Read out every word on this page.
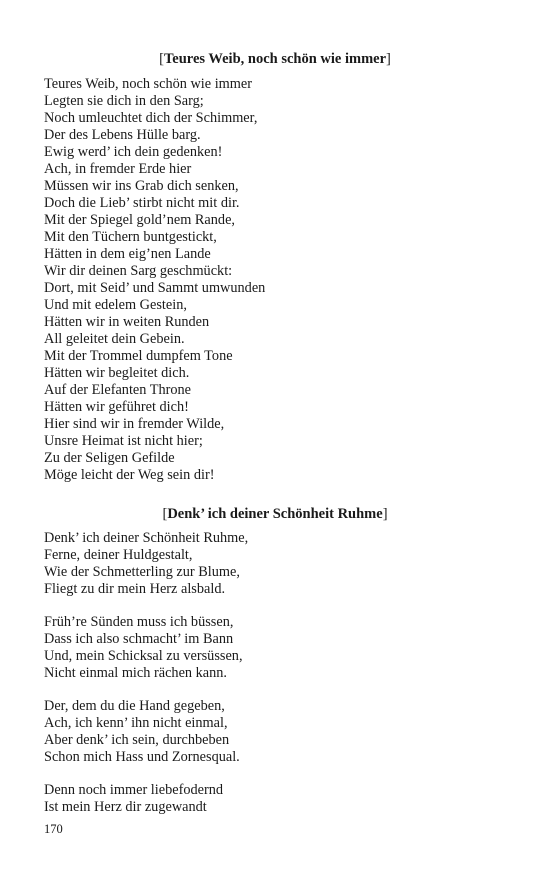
[Teures Weib, noch schön wie immer]
Teures Weib, noch schön wie immer
Legten sie dich in den Sarg;
Noch umleuchtet dich der Schimmer,
Der des Lebens Hülle barg.
Ewig werd’ ich dein gedenken!
Ach, in fremder Erde hier
Müssen wir ins Grab dich senken,
Doch die Lieb’ stirbt nicht mit dir.
Mit der Spiegel gold’nem Rande,
Mit den Tüchern buntgestickt,
Hätten in dem eig’nen Lande
Wir dir deinen Sarg geschmückt:
Dort, mit Seid’ und Sammt umwunden
Und mit edelem Gestein,
Hätten wir in weiten Runden
All geleitet dein Gebein.
Mit der Trommel dumpfem Tone
Hätten wir begleitet dich.
Auf der Elefanten Throne
Hätten wir geführet dich!
Hier sind wir in fremder Wilde,
Unsre Heimat ist nicht hier;
Zu der Seligen Gefilde
Möge leicht der Weg sein dir!
[Denk’ ich deiner Schönheit Ruhme]
Denk’ ich deiner Schönheit Ruhme,
Ferne, deiner Huldgestalt,
Wie der Schmetterling zur Blume,
Fliegt zu dir mein Herz alsbald.
Früh’re Sünden muss ich büssen,
Dass ich also schmacht’ im Bann
Und, mein Schicksal zu versüssen,
Nicht einmal mich rächen kann.
Der, dem du die Hand gegeben,
Ach, ich kenn’ ihn nicht einmal,
Aber denk’ ich sein, durchbeben
Schon mich Hass und Zornesqual.
Denn noch immer liebefodernd
Ist mein Herz dir zugewandt
170
